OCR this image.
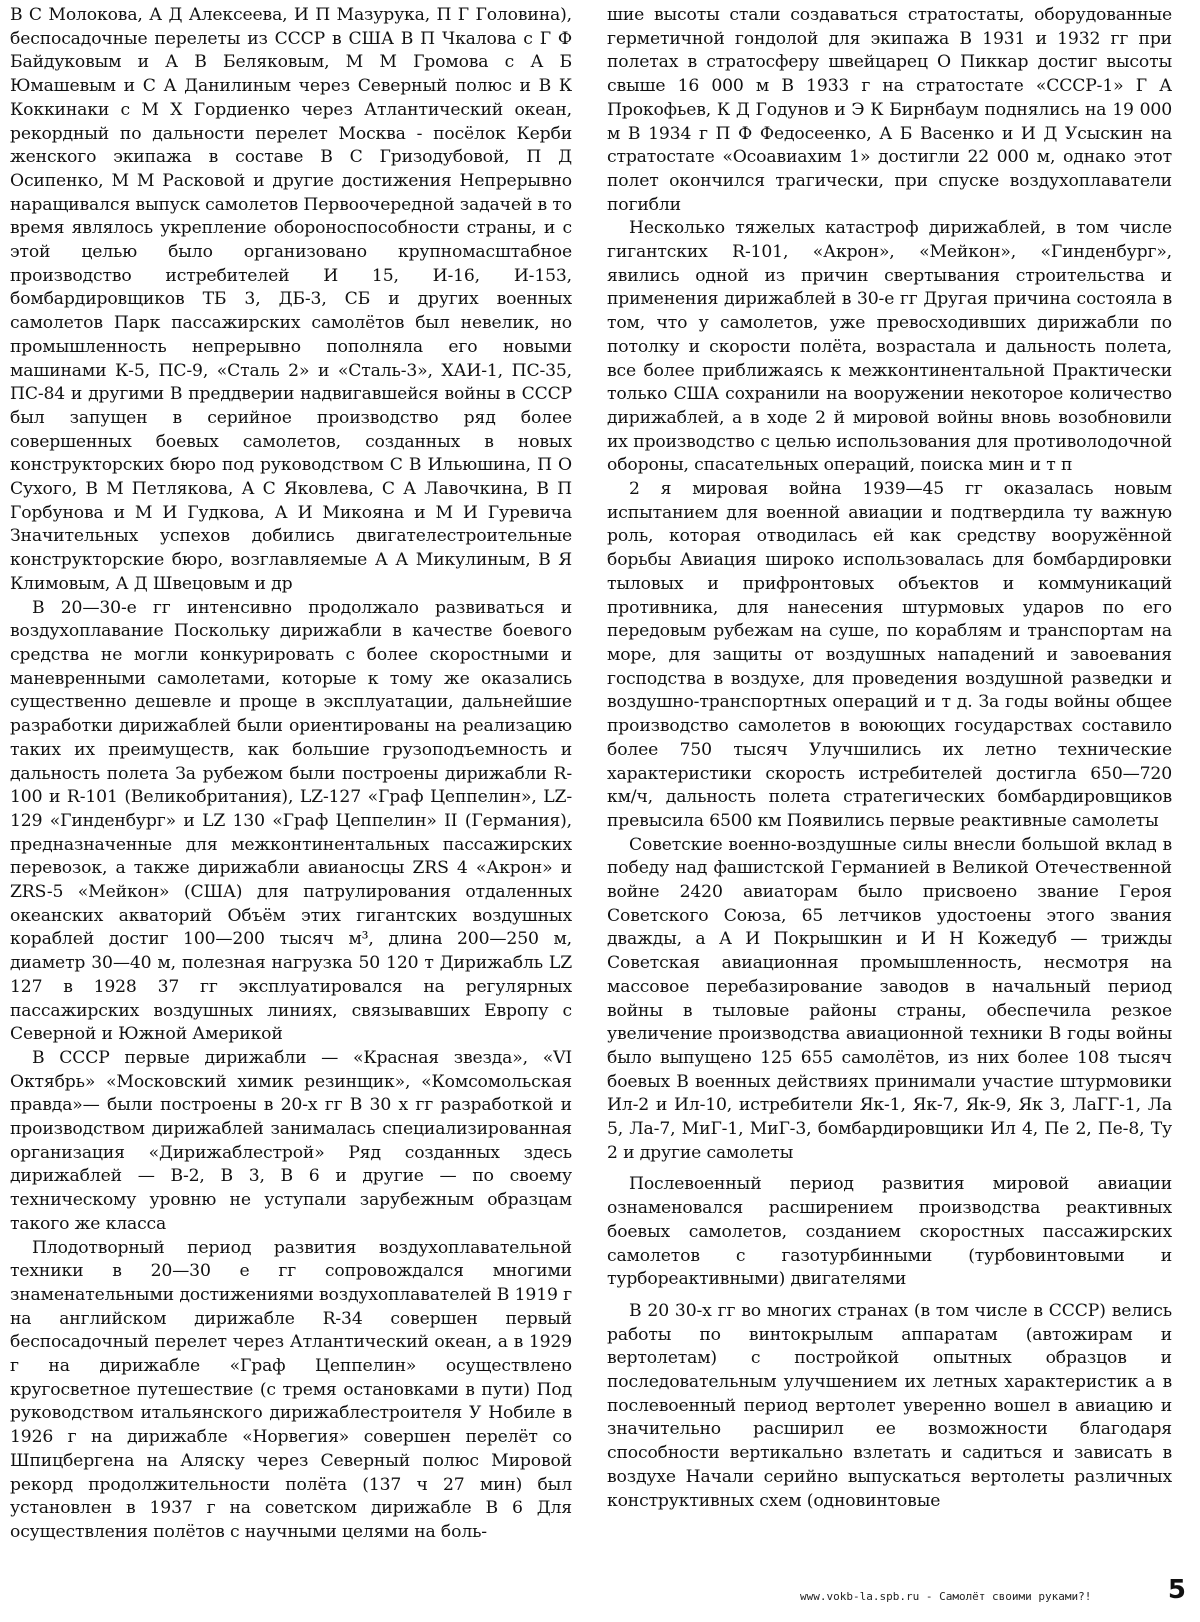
В С Молокова, А Д Алексеева, И П Мазурука, П Г Головина), беспосадочные перелеты из СССР в США В П Чкалова с Г Ф Байдуковым и А В Беляковым, М М Громова с А Б Юмашевым и С А Данилиным через Северный полюс и В К Коккинаки с М Х Гордиенко через Атлантический океан, рекордный по дальности перелет Москва - посёлок Керби женского экипажа в составе В С Гризодубовой, П Д Осипенко, М М Расковой и другие достижения Непрерывно наращивался выпуск самолетов Первоочередной задачей в то время являлось укрепление обороноспособности страны, и с этой целью было организовано крупномасштабное производство истребителей И 15, И-16, И-153, бомбардировщиков ТБ 3, ДБ-3, СБ и других военных самолетов Парк пассажирских самолётов был невелик, но промышленность непрерывно пополняла его новыми машинами К-5, ПС-9, «Сталь 2» и «Сталь-3», ХАИ-1, ПС-35, ПС-84 и другими В преддверии надвигавшейся войны в СССР был запущен в серийное производство ряд более совершенных боевых самолетов, созданных в новых конструкторских бюро под руководством С В Ильюшина, П О Сухого, В М Петлякова, А С Яковлева, С А Лавочкина, В П Горбунова и М И Гудкова, А И Микояна и М И Гуревича Значительных успехов добились двигателестроительные конструкторские бюро, возглавляемые А А Микулиным, В Я Климовым, А Д Швецовым и др

В 20—30-е гг интенсивно продолжало развиваться и воздухоплавание Поскольку дирижабли в качестве боевого средства не могли конкурировать с более скоростными и маневренными самолетами, которые к тому же оказались существенно дешевле и проще в эксплуатации, дальнейшие разработки дирижаблей были ориентированы на реализацию таких их преимуществ, как большие грузоподъемность и дальность полета За рубежом были построены дирижабли R-100 и R-101 (Великобритания), LZ-127 «Граф Цеппелин», LZ-129 «Гинденбург» и LZ 130 «Граф Цеппелин» II (Германия), предназначенные для межконтинентальных пассажирских перевозок, а также дирижабли авианосцы ZRS 4 «Акрон» и ZRS-5 «Мейкон» (США) для патрулирования отдаленных океанских акваторий Объём этих гигантских воздушных кораблей достиг 100—200 тысяч м³, длина 200—250 м, диаметр 30—40 м, полезная нагрузка 50 120 т Дирижабль LZ 127 в 1928 37 гг эксплуатировался на регулярных пассажирских воздушных линиях, связывавших Европу с Северной и Южной Америкой

В СССР первые дирижабли — «Красная звезда», «VI Октябрь» «Московский химик резинщик», «Комсомольская правда»— были построены в 20-х гг В 30 х гг разработкой и производством дирижаблей занималась специализированная организация «Дирижаблестрой» Ряд созданных здесь дирижаблей — В-2, В 3, В 6 и другие — по своему техническому уровню не уступали зарубежным образцам такого же класса

Плодотворный период развития воздухоплавательной техники в 20—30 е гг сопровождался многими знаменательными достижениями воздухоплавателей В 1919 г на английском дирижабле R-34 совершен первый беспосадочный перелет через Атлантический океан, а в 1929 г на дирижабле «Граф Цеппелин» осуществлено кругосветное путешествие (с тремя остановками в пути) Под руководством итальянского дирижаблестроителя У Нобиле в 1926 г на дирижабле «Норвегия» совершен перелёт со Шпицбергена на Аляску через Северный полюс Мировой рекорд продолжительности полёта (137 ч 27 мин) был установлен в 1937 г на советском дирижабле В 6 Для осуществления полётов с научными целями на боль-

шие высоты стали создаваться стратостаты, оборудованные герметичной гондолой для экипажа В 1931 и 1932 гг при полетах в стратосферу швейцарец О Пиккар достиг высоты свыше 16 000 м В 1933 г на стратостате «СССР-1» Г А Прокофьев, К Д Годунов и Э К Бирнбаум поднялись на 19 000 м В 1934 г П Ф Федосеенко, А Б Васенко и И Д Усыскин на стратостате «Осоавиахим 1» достигли 22 000 м, однако этот полет окончился трагически, при спуске воздухоплаватели погибли

Несколько тяжелых катастроф дирижаблей, в том числе гигантских R-101, «Акрон», «Мейкон», «Гинденбург», явились одной из причин свертывания строительства и применения дирижаблей в 30-е гг Другая причина состояла в том, что у самолетов, уже превосходивших дирижабли по потолку и скорости полёта, возрастала и дальность полета, все более приближаясь к межконтинентальной Практически только США сохранили на вооружении некоторое количество дирижаблей, а в ходе 2 й мировой войны вновь возобновили их производство с целью использования для противолодочной обороны, спасательных операций, поиска мин и т п

2 я мировая война 1939—45 гг оказалась новым испытанием для военной авиации и подтвердила ту важную роль, которая отводилась ей как средству вооружённой борьбы Авиация широко использовалась для бомбардировки тыловых и прифронтовых объектов и коммуникаций противника, для нанесения штурмовых ударов по его передовым рубежам на суше, по кораблям и транспортам на море, для защиты от воздушных нападений и завоевания господства в воздухе, для проведения воздушной разведки и воздушно-транспортных операций и т д. За годы войны общее производство самолетов в воюющих государствах составило более 750 тысяч Улучшились их летно технические характеристики скорость истребителей достигла 650—720 км/ч, дальность полета стратегических бомбардировщиков превысила 6500 км Появились первые реактивные самолеты

Советские военно-воздушные силы внесли большой вклад в победу над фашистской Германией в Великой Отечественной войне 2420 авиаторам было присвоено звание Героя Советского Союза, 65 летчиков удостоены этого звания дважды, а А И Покрышкин и И Н Кожедуб — трижды Советская авиационная промышленность, несмотря на массовое перебазирование заводов в начальный период войны в тыловые районы страны, обеспечила резкое увеличение производства авиационной техники В годы войны было выпущено 125 655 самолётов, из них более 108 тысяч боевых В военных действиях принимали участие штурмовики Ил-2 и Ил-10, истребители Як-1, Як-7, Як-9, Як 3, ЛаГГ-1, Ла 5, Ла-7, МиГ-1, МиГ-3, бомбардировщики Ил 4, Пе 2, Пе-8, Ту 2 и другие самолеты

Послевоенный период развития мировой авиации ознаменовался расширением производства реактивных боевых самолетов, созданием скоростных пассажирских самолетов с газотурбинными (турбовинтовыми и турбореактивными) двигателями

В 20 30-х гг во многих странах (в том числе в СССР) велись работы по винтокрылым аппаратам (автожирам и вертолетам) с постройкой опытных образцов и последовательным улучшением их летных характеристик а в послевоенный период вертолет уверенно вошел в авиацию и значительно расширил ее возможности благодаря способности вертикально взлетать и садиться и зависать в воздухе Начали серийно выпускаться вертолеты различных конструктивных схем (одновинтовые

www.vokb-la.spb.ru - Самолёт своими руками?!	5
